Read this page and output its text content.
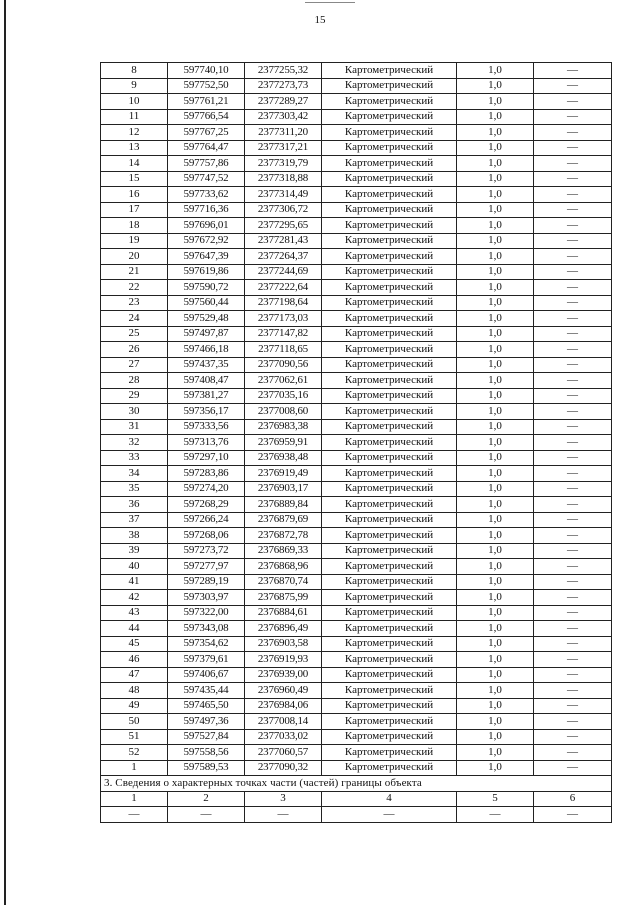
15
8	597740,10	2377255,32	Картометрический	1,0	—
9	597752,50	2377273,73	Картометрический	1,0	—
10	597761,21	2377289,27	Картометрический	1,0	—
11	597766,54	2377303,42	Картометрический	1,0	—
12	597767,25	2377311,20	Картометрический	1,0	—
13	597764,47	2377317,21	Картометрический	1,0	—
14	597757,86	2377319,79	Картометрический	1,0	—
15	597747,52	2377318,88	Картометрический	1,0	—
16	597733,62	2377314,49	Картометрический	1,0	—
17	597716,36	2377306,72	Картометрический	1,0	—
18	597696,01	2377295,65	Картометрический	1,0	—
19	597672,92	2377281,43	Картометрический	1,0	—
20	597647,39	2377264,37	Картометрический	1,0	—
21	597619,86	2377244,69	Картометрический	1,0	—
22	597590,72	2377222,64	Картометрический	1,0	—
23	597560,44	2377198,64	Картометрический	1,0	—
24	597529,48	2377173,03	Картометрический	1,0	—
25	597497,87	2377147,82	Картометрический	1,0	—
26	597466,18	2377118,65	Картометрический	1,0	—
27	597437,35	2377090,56	Картометрический	1,0	—
28	597408,47	2377062,61	Картометрический	1,0	—
29	597381,27	2377035,16	Картометрический	1,0	—
30	597356,17	2377008,60	Картометрический	1,0	—
31	597333,56	2376983,38	Картометрический	1,0	—
32	597313,76	2376959,91	Картометрический	1,0	—
33	597297,10	2376938,48	Картометрический	1,0	—
34	597283,86	2376919,49	Картометрический	1,0	—
35	597274,20	2376903,17	Картометрический	1,0	—
36	597268,29	2376889,84	Картометрический	1,0	—
37	597266,24	2376879,69	Картометрический	1,0	—
38	597268,06	2376872,78	Картометрический	1,0	—
39	597273,72	2376869,33	Картометрический	1,0	—
40	597277,97	2376868,96	Картометрический	1,0	—
41	597289,19	2376870,74	Картометрический	1,0	—
42	597303,97	2376875,99	Картометрический	1,0	—
43	597322,00	2376884,61	Картометрический	1,0	—
44	597343,08	2376896,49	Картометрический	1,0	—
45	597354,62	2376903,58	Картометрический	1,0	—
46	597379,61	2376919,93	Картометрический	1,0	—
47	597406,67	2376939,00	Картометрический	1,0	—
48	597435,44	2376960,49	Картометрический	1,0	—
49	597465,50	2376984,06	Картометрический	1,0	—
50	597497,36	2377008,14	Картометрический	1,0	—
51	597527,84	2377033,02	Картометрический	1,0	—
52	597558,56	2377060,57	Картометрический	1,0	—
1	597589,53	2377090,32	Картометрический	1,0	—
3. Сведения о характерных точках части (частей) границы объекта					
1	2	3	4	5	6
—	—	—	—	—	—
